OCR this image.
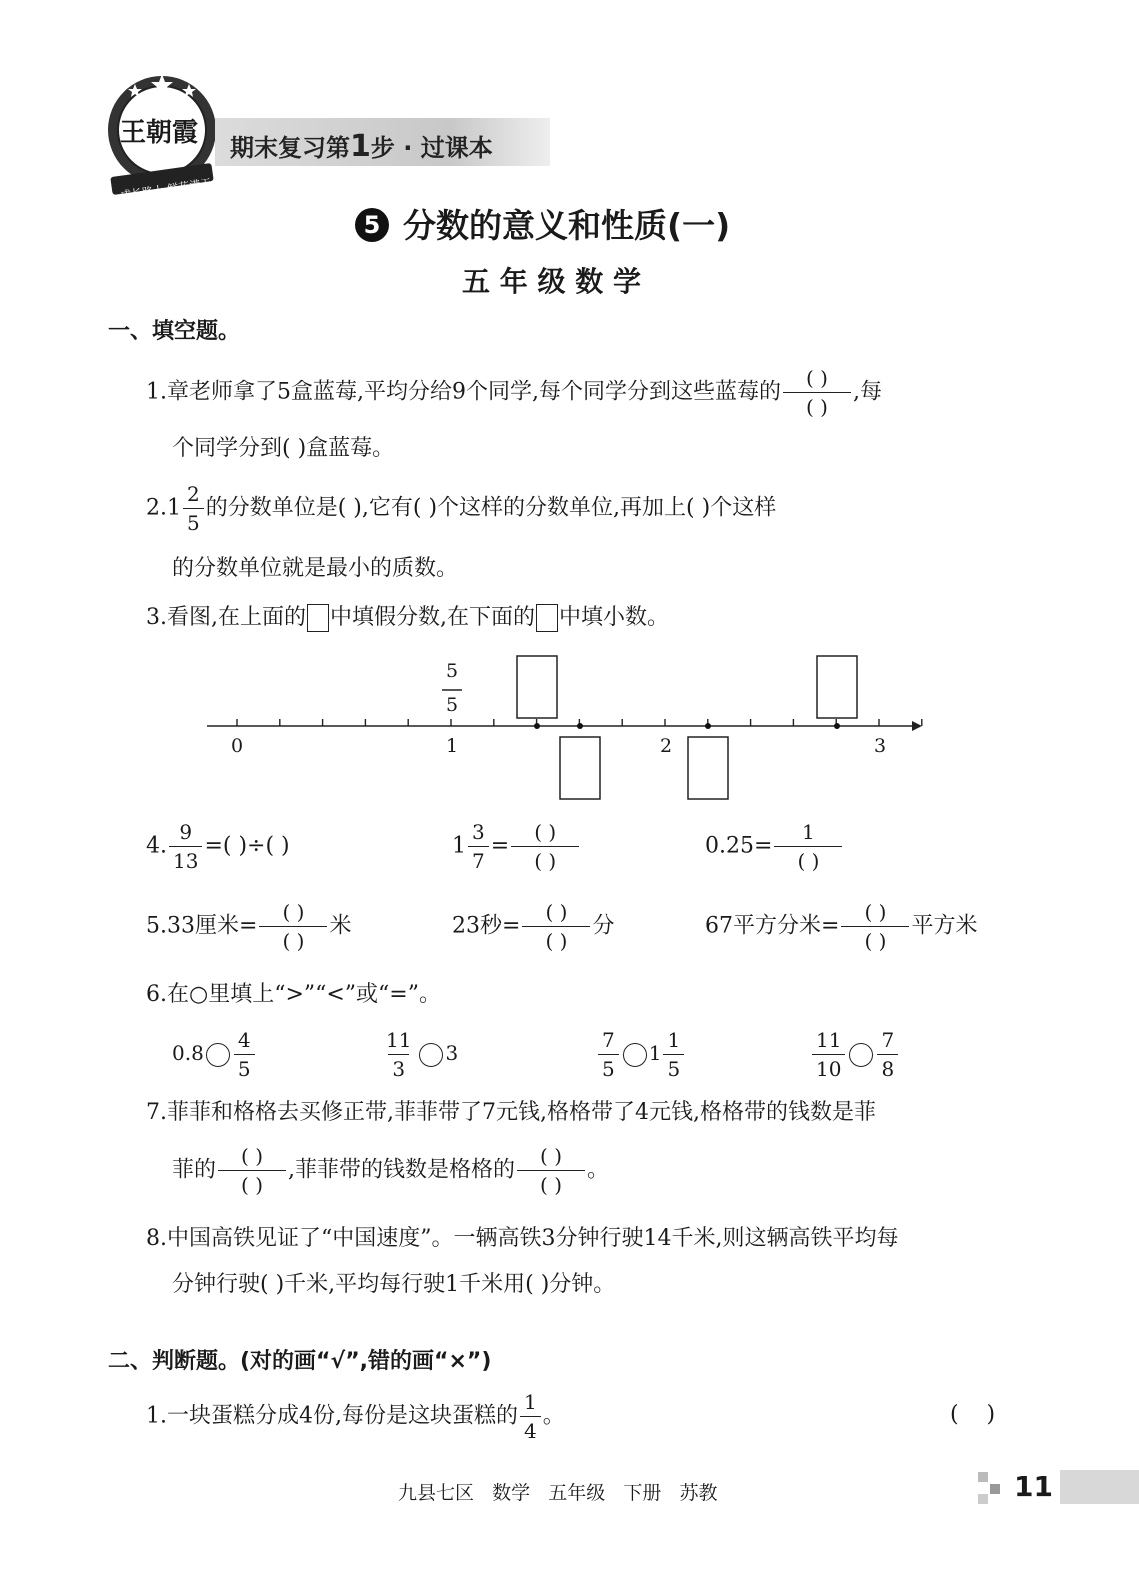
王朝霞
成长路上 鲜花满天
期末复习第1步 · 过课本
5 分数的意义和性质(一)
五 年 级 数 学
一、填空题。
1.章老师拿了5盒蓝莓,平均分给9个同学,每个同学分到这些蓝莓的 $\frac{( )}{( )}$ ,每
个同学分到( )盒蓝莓。
$2.1 \frac{2}{5}$ 的分数单位是( ),它有( )个这样的分数单位,再加上( )个这样
的分数单位就是最小的质数。
3.看图,在上面的 中填假分数,在下面的 中填小数。
5
5
0	1	2	3
4. $\frac{9}{13}$ =( )÷( )	$1 \frac{3}{7} = \frac{( )}{( )}$	$0.25= \frac{1}{( )}$
5.33厘米= $\frac{( )}{( )}$ 米	23秒= $\frac{( )}{( )}$ 分	67平方分米= $\frac{( )}{( )}$ 平方米
6.在○里填上“>”“<”或“=”。
$0.8 \frac{4}{5}$	$\frac{11}{3} 3$	$\frac{7}{5} 1 \frac{1}{5}$	$\frac{11}{10} \frac{7}{8}$
7.菲菲和格格去买修正带,菲菲带了7元钱,格格带了4元钱,格格带的钱数是菲
菲的 $\frac{( )}{( )}$ ,菲菲带的钱数是格格的 $\frac{( )}{( )}$ 。
8.中国高铁见证了“中国速度”。一辆高铁3分钟行驶14千米,则这辆高铁平均每
分钟行驶( )千米,平均每行驶1千米用( )分钟。
二、判断题。(对的画“√”,错的画“×”)
1.一块蛋糕分成4份,每份是这块蛋糕的 $\frac{1}{4}$ 。	(    )
九县七区   数学   五年级   下册   苏教	11
